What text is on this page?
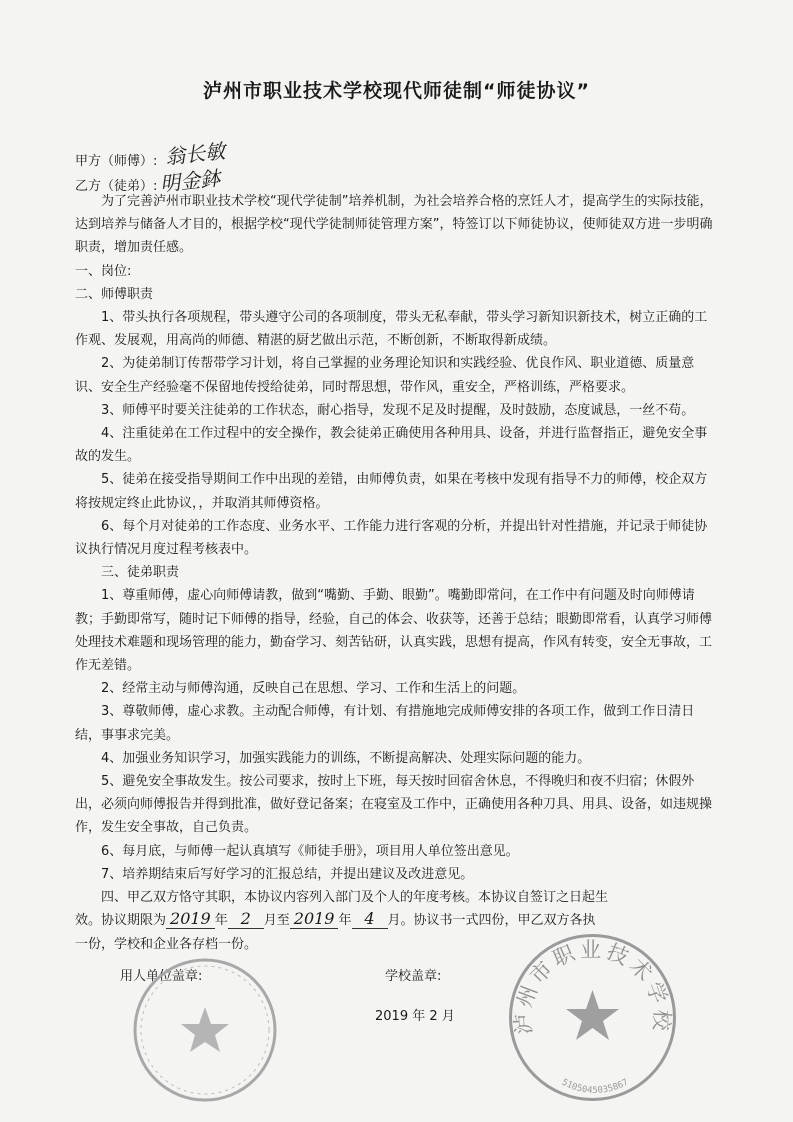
泸州市职业技术学校现代师徒制“师徒协议”
甲方（师傅）: 翁长敏
乙方（徒弟）: 明金鉢

为了完善泸州市职业技术学校“现代学徒制”培养机制，为社会培养合格的烹饪人才，提高学生的实际技能，达到培养与储备人才目的，根据学校“现代学徒制师徒管理方案”，特签订以下师徒协议，使师徒双方进一步明确职责，增加责任感。

一、岗位:

二、师傅职责

1、带头执行各项规程，带头遵守公司的各项制度，带头无私奉献，带头学习新知识新技术，树立正确的工作观、发展观，用高尚的师德、精湛的厨艺做出示范，不断创新，不断取得新成绩。

2、为徒弟制订传帮带学习计划，将自己掌握的业务理论知识和实践经验、优良作风、职业道德、质量意识、安全生产经验毫不保留地传授给徒弟，同时帮思想，带作风，重安全，严格训练，严格要求。

3、师傅平时要关注徒弟的工作状态，耐心指导，发现不足及时提醒，及时鼓励，态度诚恳，一丝不苟。

4、注重徒弟在工作过程中的安全操作，教会徒弟正确使用各种用具、设备，并进行监督指正，避免安全事故的发生。

5、徒弟在接受指导期间工作中出现的差错，由师傅负责，如果在考核中发现有指导不力的师傅，校企双方将按规定终止此协议，，并取消其师傅资格。

6、每个月对徒弟的工作态度、业务水平、工作能力进行客观的分析，并提出针对性措施，并记录于师徒协议执行情况月度过程考核表中。

三、徒弟职责

1、尊重师傅，虚心向师傅请教，做到“嘴勤、手勤、眼勤”。嘴勤即常问，在工作中有问题及时向师傅请教；手勤即常写，随时记下师傅的指导，经验，自己的体会、收获等，还善于总结；眼勤即常看，认真学习师傅处理技术难题和现场管理的能力，勤奋学习、刻苦钻研，认真实践，思想有提高，作风有转变，安全无事故，工作无差错。

2、经常主动与师傅沟通，反映自己在思想、学习、工作和生活上的问题。

3、尊敬师傅，虚心求教。主动配合师傅，有计划、有措施地完成师傅安排的各项工作，做到工作日清日结，事事求完美。

4、加强业务知识学习，加强实践能力的训练，不断提高解决、处理实际问题的能力。

5、避免安全事故发生。按公司要求，按时上下班，每天按时回宿舍休息，不得晚归和夜不归宿；休假外出，必须向师傅报告并得到批准，做好登记备案；在寝室及工作中，正确使用各种刀具、用具、设备，如违规操作，发生安全事故，自己负责。

6、每月底，与师傅一起认真填写《师徒手册》，项目用人单位签出意见。

7、培养期结束后写好学习的汇报总结，并提出建议及改进意见。

四、甲乙双方恪守其职，本协议内容列入部门及个人的年度考核。本协议自签订之日起生

效。协议期限为 2019 年 2 月至 2019 年 4 月。协议书一式四份，甲乙双方各执

一份，学校和企业各存档一份。

用人单位盖章:	学校盖章:
2019 年 2 月	泸州市职业技术学校
5105045035867
